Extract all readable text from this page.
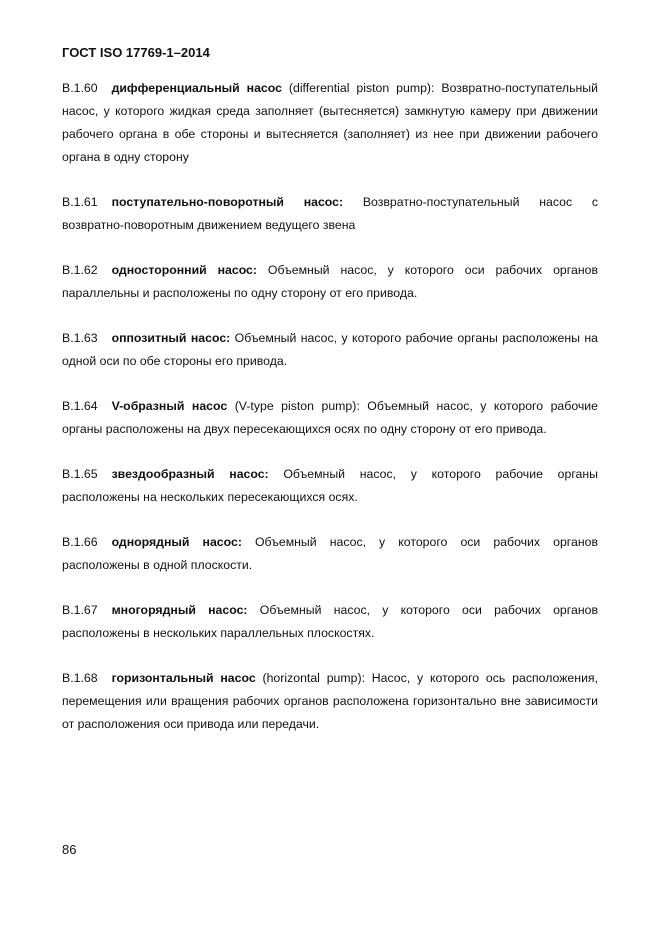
ГОСТ ISO 17769-1–2014

В.1.60 дифференциальный насос (differential piston pump): Возвратно-поступательный насос, у которого жидкая среда заполняет (вытесняется) замкнутую камеру при движении рабочего органа в обе стороны и вытесняется (заполняет) из нее при движении рабочего органа в одну сторону

В.1.61 поступательно-поворотный насос: Возвратно-поступательный насос с возвратно-поворотным движением ведущего звена

В.1.62 односторонний насос: Объемный насос, у которого оси рабочих органов параллельны и расположены по одну сторону от его привода.

В.1.63 оппозитный насос: Объемный насос, у которого рабочие органы расположены на одной оси по обе стороны его привода.

В.1.64 V-образный насос (V-type piston pump): Объемный насос, у которого рабочие органы расположены на двух пересекающихся осях по одну сторону от его привода.

В.1.65 звездообразный насос: Объемный насос, у которого рабочие органы расположены на нескольких пересекающихся осях.

В.1.66 однорядный насос: Объемный насос, у которого оси рабочих органов расположены в одной плоскости.

В.1.67 многорядный насос: Объемный насос, у которого оси рабочих органов расположены в нескольких параллельных плоскостях.

В.1.68 горизонтальный насос (horizontal pump): Насос, у которого ось расположения, перемещения или вращения рабочих органов расположена горизонтально вне зависимости от расположения оси привода или передачи.

86
